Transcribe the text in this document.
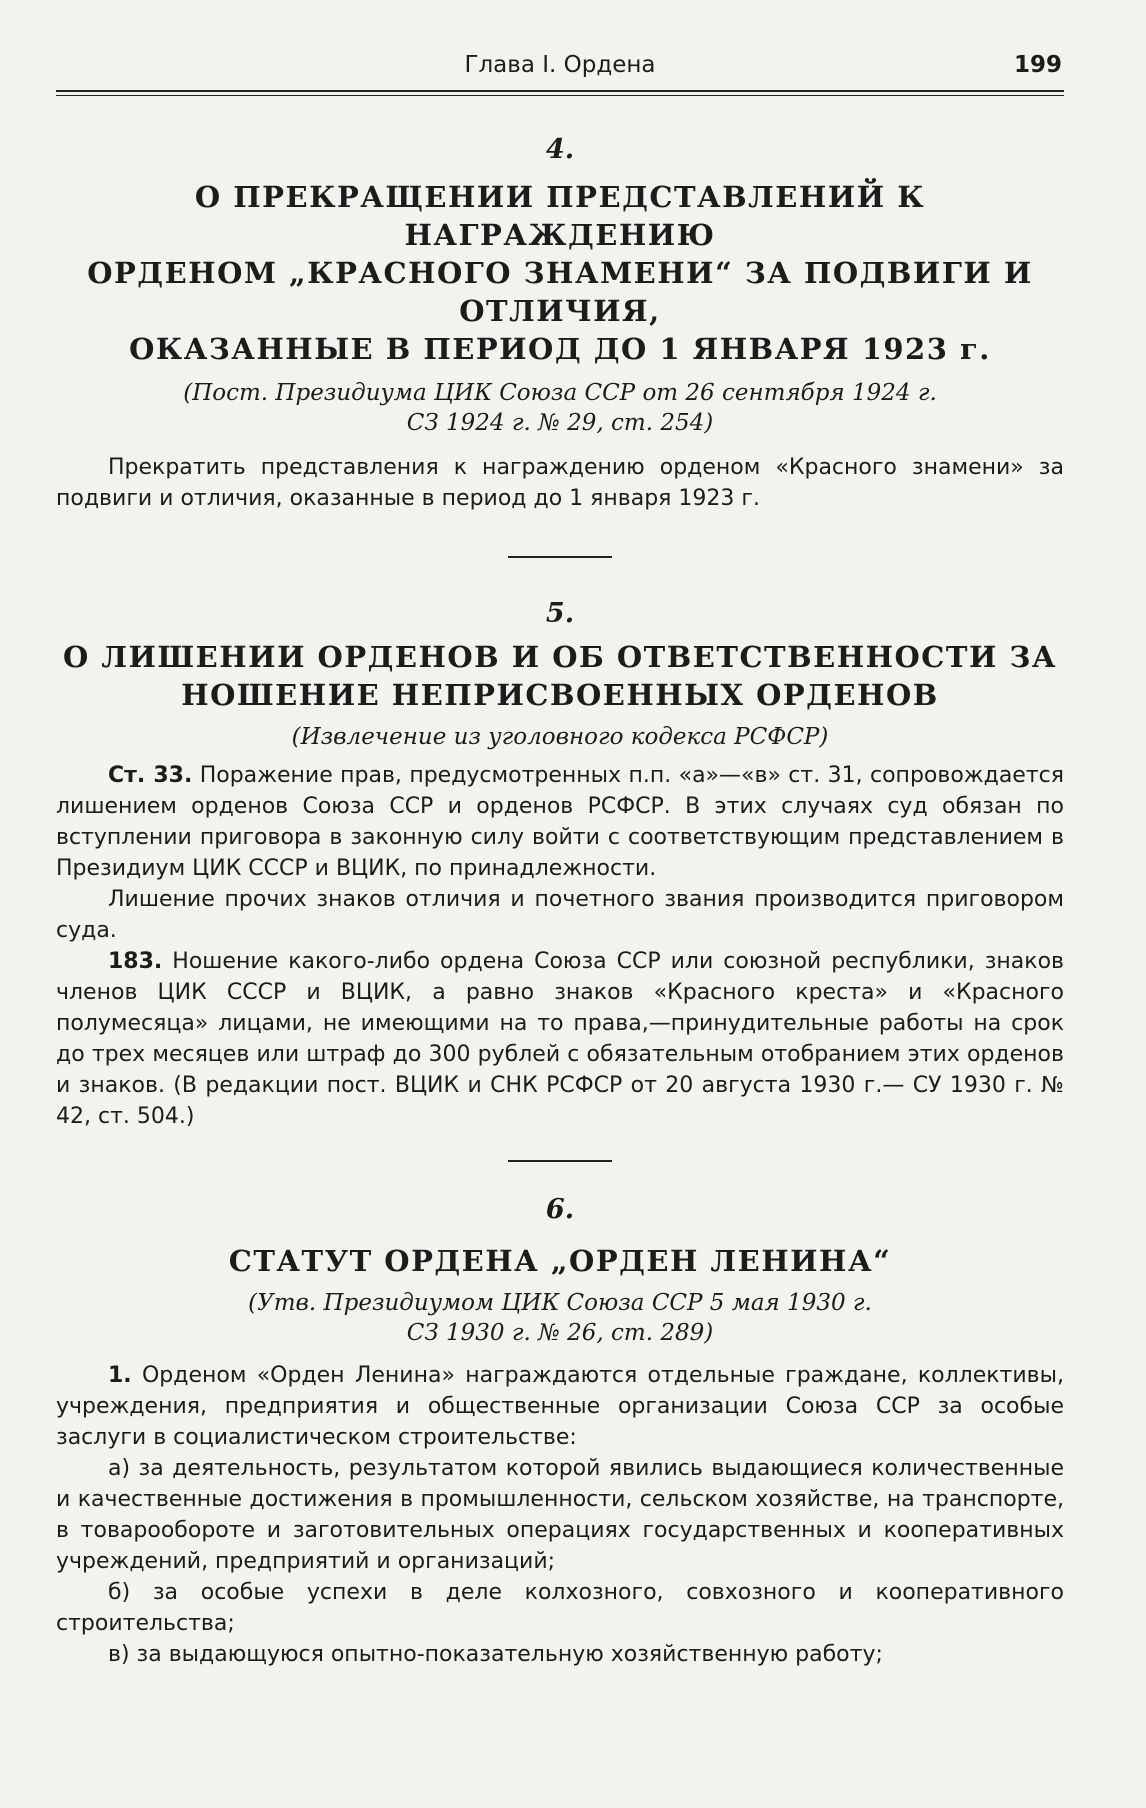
Глава I. Ордена	199
4.
О ПРЕКРАЩЕНИИ ПРЕДСТАВЛЕНИЙ К НАГРАЖДЕНИЮ
ОРДЕНОМ „КРАСНОГО ЗНАМЕНИ“ ЗА ПОДВИГИ И ОТЛИЧИЯ,
ОКАЗАННЫЕ В ПЕРИОД ДО 1 ЯНВАРЯ 1923 г.
(Пост. Президиума ЦИК Союза ССР от 26 сентября 1924 г.
СЗ 1924 г. № 29, ст. 254)

Прекратить представления к награждению орденом «Красного знамени» за подвиги и отличия, оказанные в период до 1 января 1923 г.

5.
О ЛИШЕНИИ ОРДЕНОВ И ОБ ОТВЕТСТВЕННОСТИ ЗА
НОШЕНИЕ НЕПРИСВОЕННЫХ ОРДЕНОВ
(Извлечение из уголовного кодекса РСФСР)

Ст. 33. Поражение прав, предусмотренных п.п. «а»—«в» ст. 31, сопровождается лишением орденов Союза ССР и орденов РСФСР. В этих случаях суд обязан по вступлении приговора в законную силу войти с соответствующим представлением в Президиум ЦИК СССР и ВЦИК, по принадлежности.

Лишение прочих знаков отличия и почетного звания производится приговором суда.

183. Ношение какого-либо ордена Союза ССР или союзной республики, знаков членов ЦИК СССР и ВЦИК, а равно знаков «Красного креста» и «Красного полумесяца» лицами, не имеющими на то права,—принудительные работы на срок до трех месяцев или штраф до 300 рублей с обязательным отобранием этих орденов и знаков. (В редакции пост. ВЦИК и СНК РСФСР от 20 августа 1930 г.— СУ 1930 г. № 42, ст. 504.)

6.
СТАТУТ ОРДЕНА „ОРДЕН ЛЕНИНА“
(Утв. Президиумом ЦИК Союза ССР 5 мая 1930 г.
СЗ 1930 г. № 26, ст. 289)

1. Орденом «Орден Ленина» награждаются отдельные граждане, коллективы, учреждения, предприятия и общественные организации Союза ССР за особые заслуги в социалистическом строительстве:

а) за деятельность, результатом которой явились выдающиеся количественные и качественные достижения в промышленности, сельском хозяйстве, на транспорте, в товарообороте и заготовительных операциях государственных и кооперативных учреждений, предприятий и организаций;

б) за особые успехи в деле колхозного, совхозного и кооперативного строительства;

в) за выдающуюся опытно-показательную хозяйственную работу;
